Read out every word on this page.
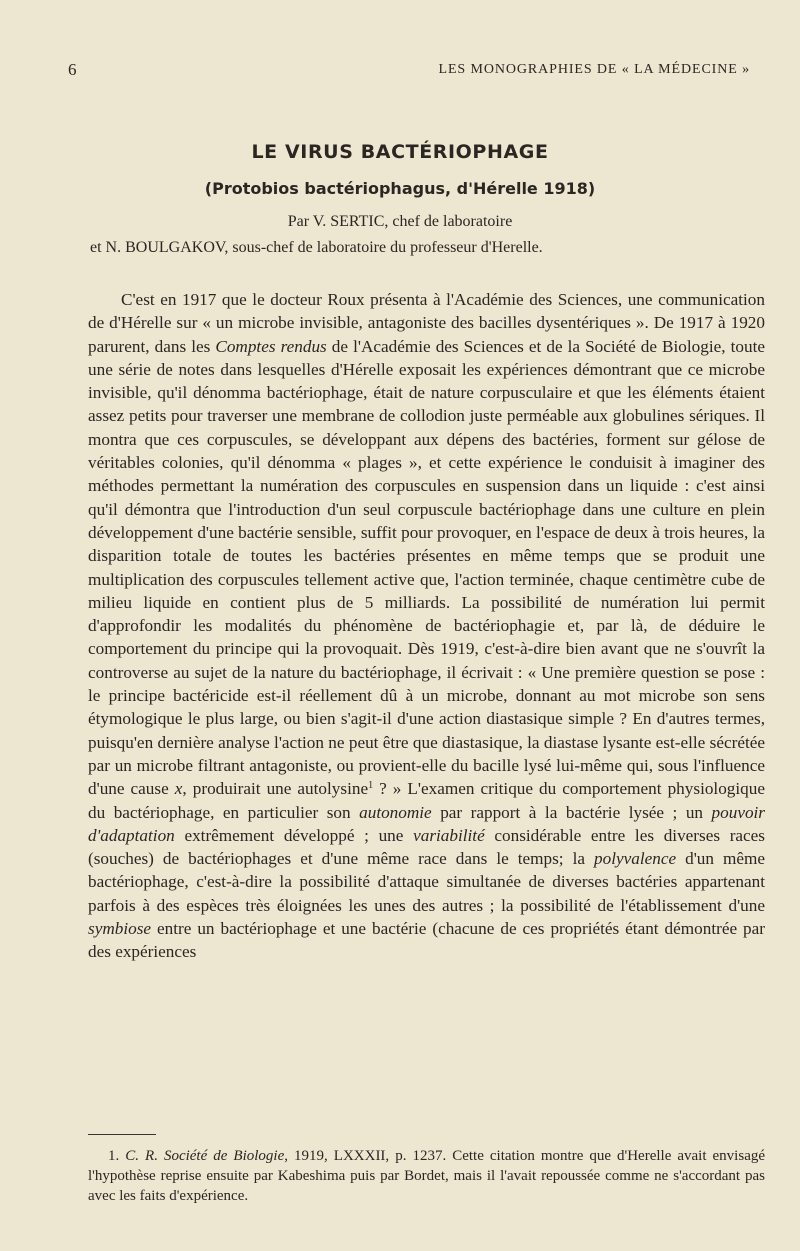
6	LES MONOGRAPHIES DE « LA MÉDECINE »
LE VIRUS BACTÉRIOPHAGE
(Protobios bactériophagus, d'Hérelle 1918)
Par V. SERTIC, chef de laboratoire
et N. BOULGAKOV, sous-chef de laboratoire du professeur d'Herelle.

C'est en 1917 que le docteur Roux présenta à l'Académie des Sciences, une communication de d'Hérelle sur « un microbe invisible, antagoniste des bacilles dysentériques ». De 1917 à 1920 parurent, dans les Comptes rendus de l'Académie des Sciences et de la Société de Biologie, toute une série de notes dans lesquelles d'Hérelle exposait les expériences démontrant que ce microbe invisible, qu'il dénomma bactériophage, était de nature corpusculaire et que les éléments étaient assez petits pour traverser une membrane de collodion juste perméable aux globulines sériques. Il montra que ces corpuscules, se développant aux dépens des bactéries, forment sur gélose de véritables colonies, qu'il dénomma « plages », et cette expérience le conduisit à imaginer des méthodes permettant la numération des corpuscules en suspension dans un liquide : c'est ainsi qu'il démontra que l'introduction d'un seul corpuscule bactériophage dans une culture en plein développement d'une bactérie sensible, suffit pour provoquer, en l'espace de deux à trois heures, la disparition totale de toutes les bactéries présentes en même temps que se produit une multiplication des corpuscules tellement active que, l'action terminée, chaque centimètre cube de milieu liquide en contient plus de 5 milliards. La possibilité de numération lui permit d'approfondir les modalités du phénomène de bactériophagie et, par là, de déduire le comportement du principe qui la provoquait. Dès 1919, c'est-à-dire bien avant que ne s'ouvrît la controverse au sujet de la nature du bactériophage, il écrivait : « Une première question se pose : le principe bactéricide est-il réellement dû à un microbe, donnant au mot microbe son sens étymologique le plus large, ou bien s'agit-il d'une action diastasique simple ? En d'autres termes, puisqu'en dernière analyse l'action ne peut être que diastasique, la diastase lysante est-elle sécrétée par un microbe filtrant antagoniste, ou provient-elle du bacille lysé lui-même qui, sous l'influence d'une cause x, produirait une autolysine$^1$ ? » L'examen critique du comportement physiologique du bactériophage, en particulier son autonomie par rapport à la bactérie lysée ; un pouvoir d'adaptation extrêmement développé ; une variabilité considérable entre les diverses races (souches) de bactériophages et d'une même race dans le temps; la polyvalence d'un même bactériophage, c'est-à-dire la possibilité d'attaque simultanée de diverses bactéries appartenant parfois à des espèces très éloignées les unes des autres ; la possibilité de l'établissement d'une symbiose entre un bactériophage et une bactérie (chacune de ces propriétés étant démontrée par des expériences

1. C. R. Société de Biologie, 1919, LXXXII, p. 1237. Cette citation montre que d'Herelle avait envisagé l'hypothèse reprise ensuite par Kabeshima puis par Bordet, mais il l'avait repoussée comme ne s'accordant pas avec les faits d'expérience.
